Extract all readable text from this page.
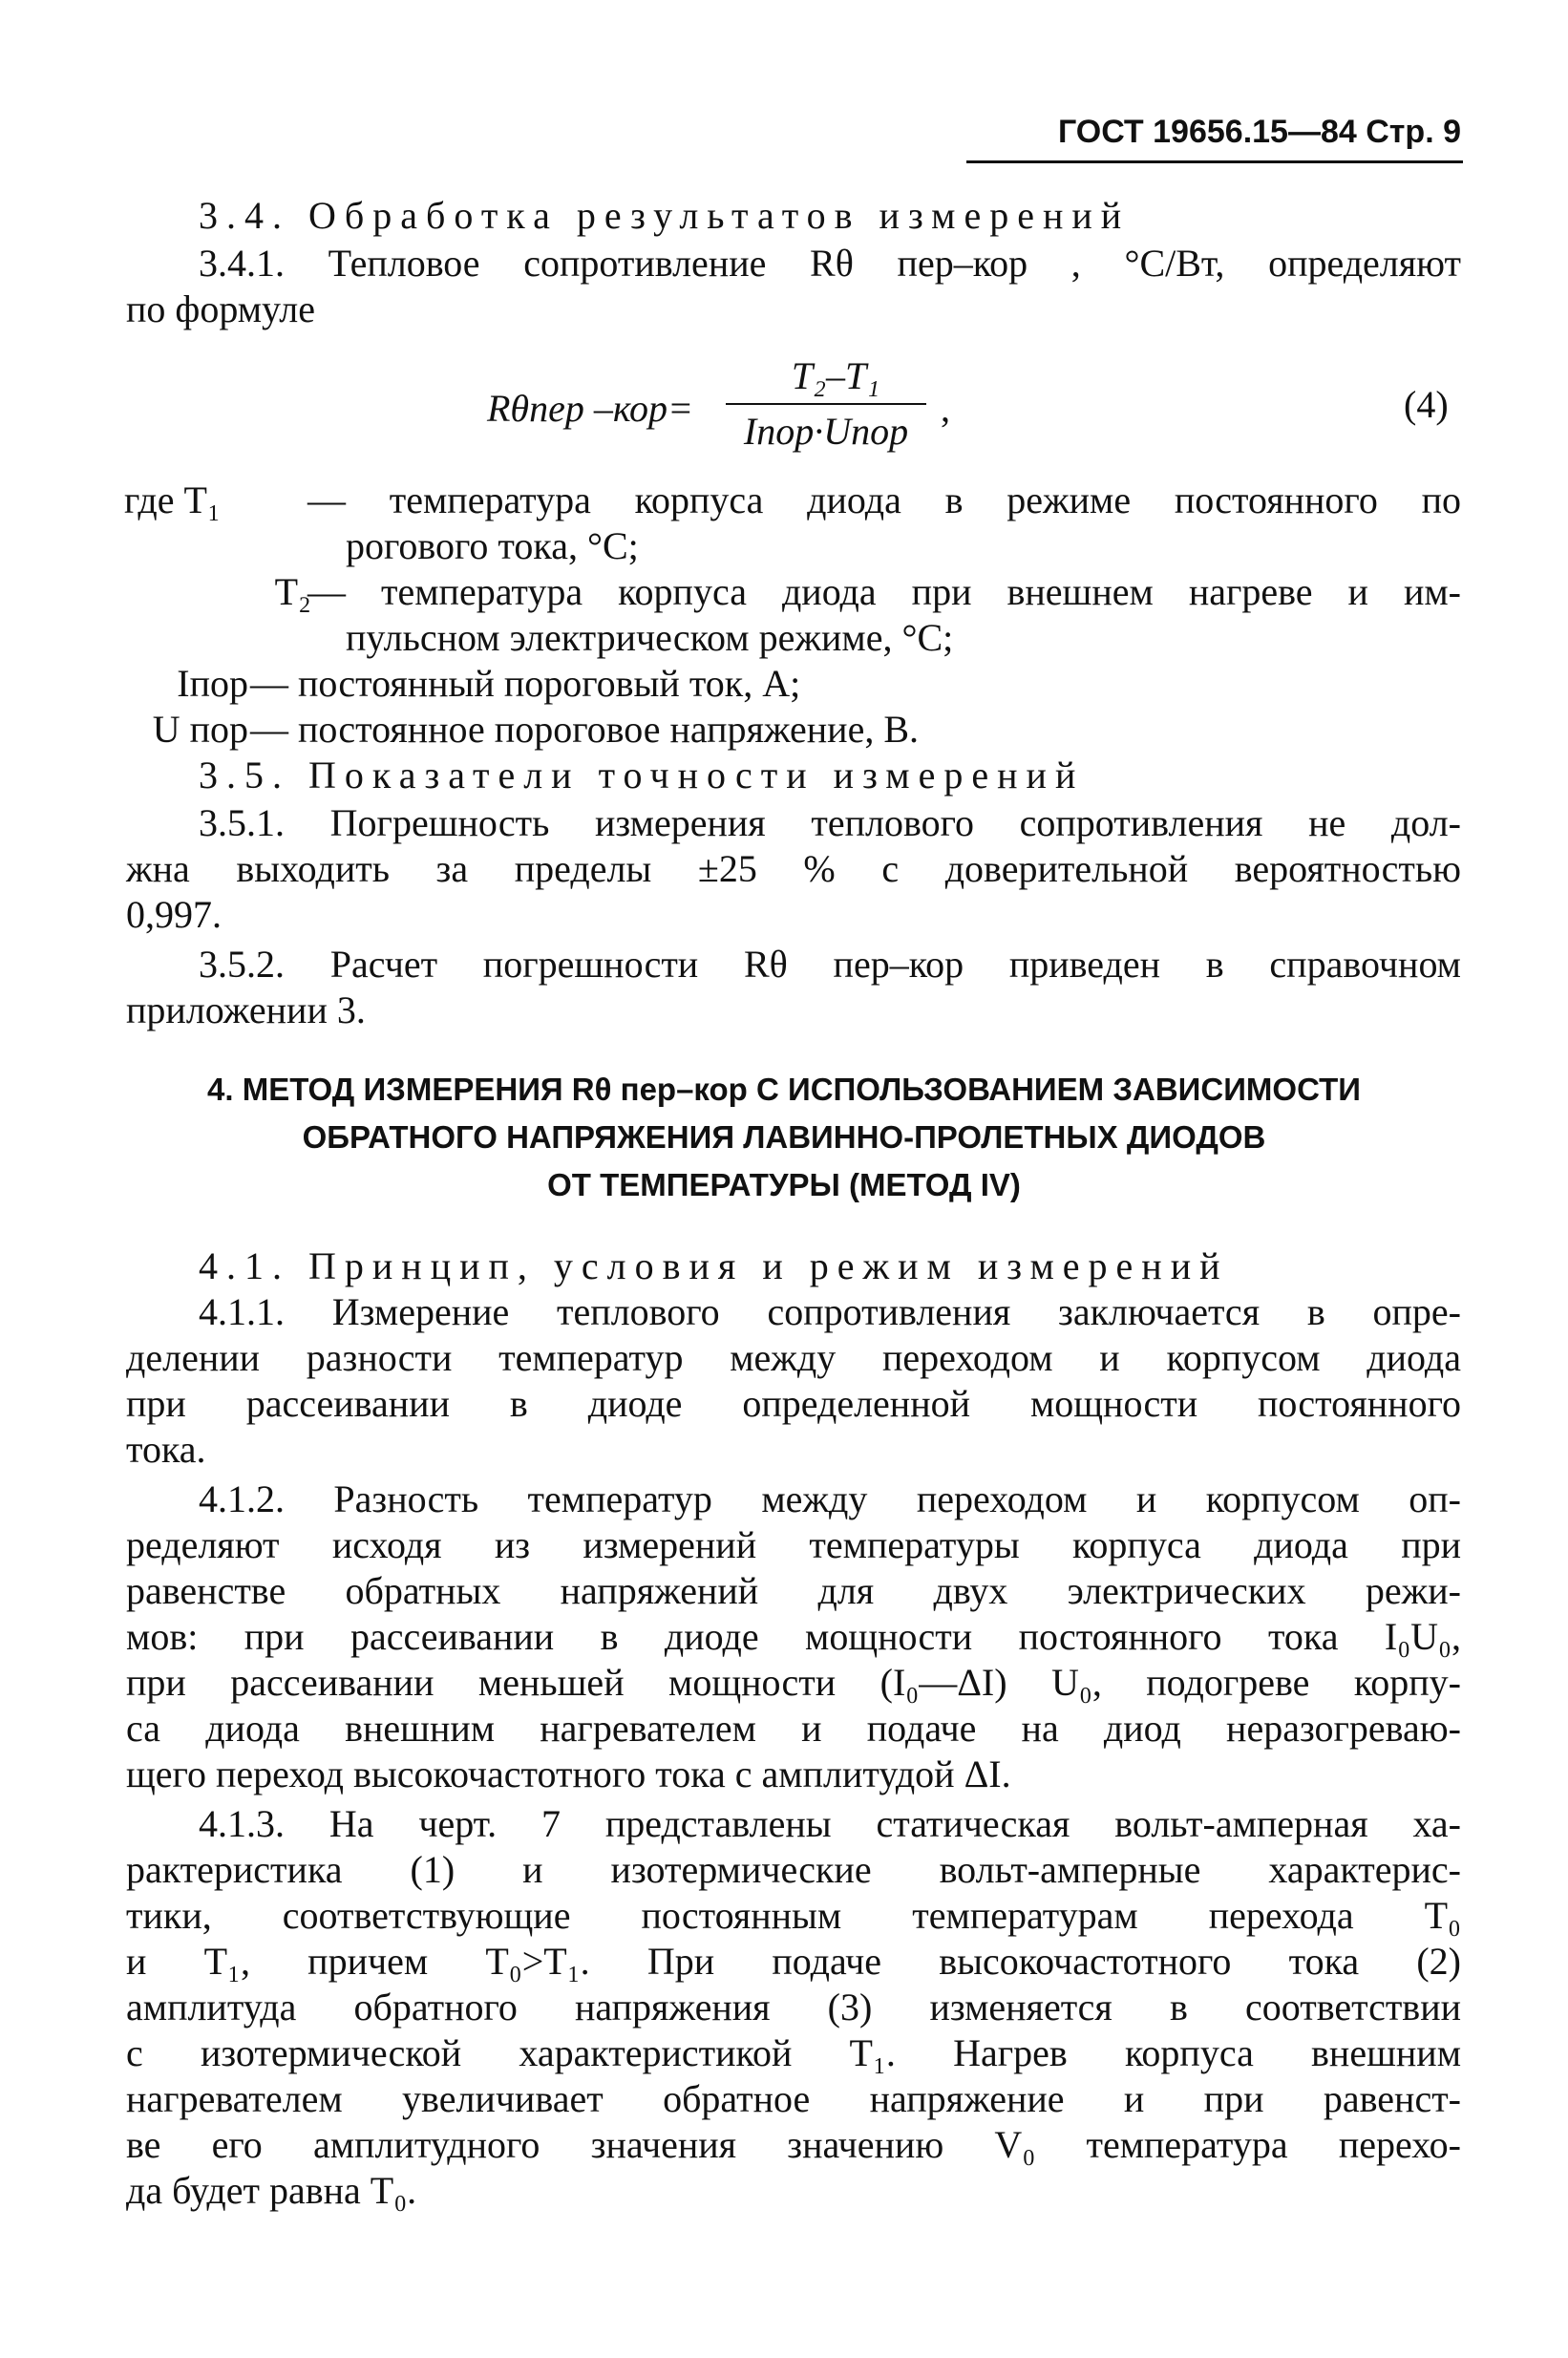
ГОСТ 19656.15—84 Стр. 9
3.4. Обработка результатов измерений
3.4.1. Тепловое сопротивление Rθ пер–кор , °С/Вт, определяют
по формуле
Rθпер –кор=
T₂–T₁
Iпор·Uпор
,	(4)
где T₁	— температура корпуса диода в режиме постоянного по
рогового тока, °С;
T₂
— температура корпуса диода при внешнем нагреве и им-
пульсном электрическом режиме, °С;
Iпор — постоянный пороговый ток, А;
U пор — постоянное пороговое напряжение, В.
3.5. Показатели точности измерений
3.5.1. Погрешность измерения теплового сопротивления не дол-
жна выходить за пределы ±25 % с доверительной вероятностью
0,997.
3.5.2. Расчет погрешности Rθ пер–кор приведен в справочном
приложении 3.
4. МЕТОД ИЗМЕРЕНИЯ Rθ пер–кор С ИСПОЛЬЗОВАНИЕМ ЗАВИСИМОСТИ
ОБРАТНОГО НАПРЯЖЕНИЯ ЛАВИННО-ПРОЛЕТНЫХ ДИОДОВ
ОТ ТЕМПЕРАТУРЫ (МЕТОД IV)
4.1. Принцип, условия и режим измерений
4.1.1. Измерение теплового сопротивления заключается в опре-
делении разности температур между переходом и корпусом диода
при рассеивании в диоде определенной мощности постоянного
тока.
4.1.2. Разность температур между переходом и корпусом оп-
ределяют исходя из измерений температуры корпуса диода при
равенстве обратных напряжений для двух электрических режи-
мов: при рассеивании в диоде мощности постоянного тока I₀U₀,
при рассеивании меньшей мощности (I₀—ΔI) U₀, подогреве корпу-
са диода внешним нагревателем и подаче на диод неразогреваю-
щего переход высокочастотного тока с амплитудой ΔI.
4.1.3. На черт. 7 представлены статическая вольт-амперная ха-
рактеристика (1) и изотермические вольт-амперные характерис-
тики, соответствующие постоянным температурам перехода T₀
и T₁, причем T₀>T₁. При подаче высокочастотного тока (2)
амплитуда обратного напряжения (3) изменяется в соответствии
с изотермической характеристикой T₁. Нагрев корпуса внешним
нагревателем увеличивает обратное напряжение и при равенст-
ве его амплитудного значения значению V₀ температура перехо-
да будет равна T₀.
